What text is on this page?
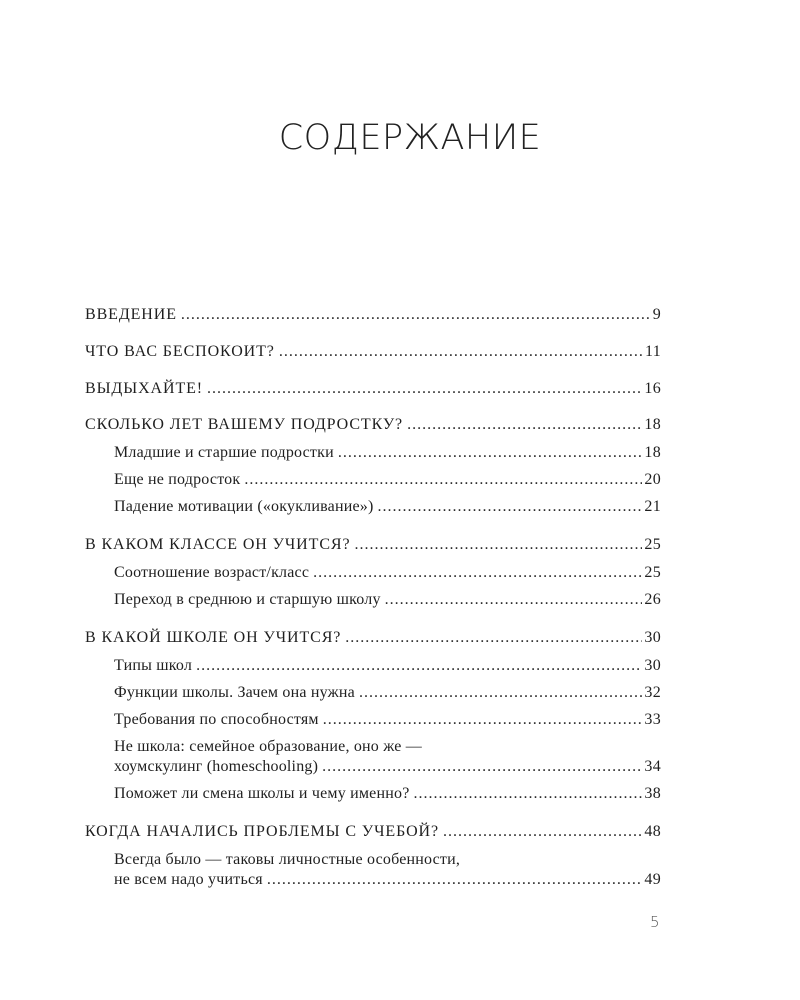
СОДЕРЖАНИЕ
ВВЕДЕНИЕ .....	9
ЧТО ВАС БЕСПОКОИТ? .....	11
ВЫДЫХАЙТЕ! .....	16
СКОЛЬКО ЛЕТ ВАШЕМУ ПОДРОСТКУ? .....	18
Младшие и старшие подростки .....	18
Еще не подросток .....	20
Падение мотивации («окукливание») .....	21
В КАКОМ КЛАССЕ ОН УЧИТСЯ? .....	25
Соотношение возраст/класс .....	25
Переход в среднюю и старшую школу .....	26
В КАКОЙ ШКОЛЕ ОН УЧИТСЯ? .....	30
Типы школ .....	30
Функции школы. Зачем она нужна .....	32
Требования по способностям .....	33
Не школа: семейное образование, оно же —
хоумскулинг (homeschooling) .....	34
Поможет ли смена школы и чему именно? .....	38
КОГДА НАЧАЛИСЬ ПРОБЛЕМЫ С УЧЕБОЙ? .....	48
Всегда было — таковы личностные особенности,
не всем надо учиться .....	49
5
